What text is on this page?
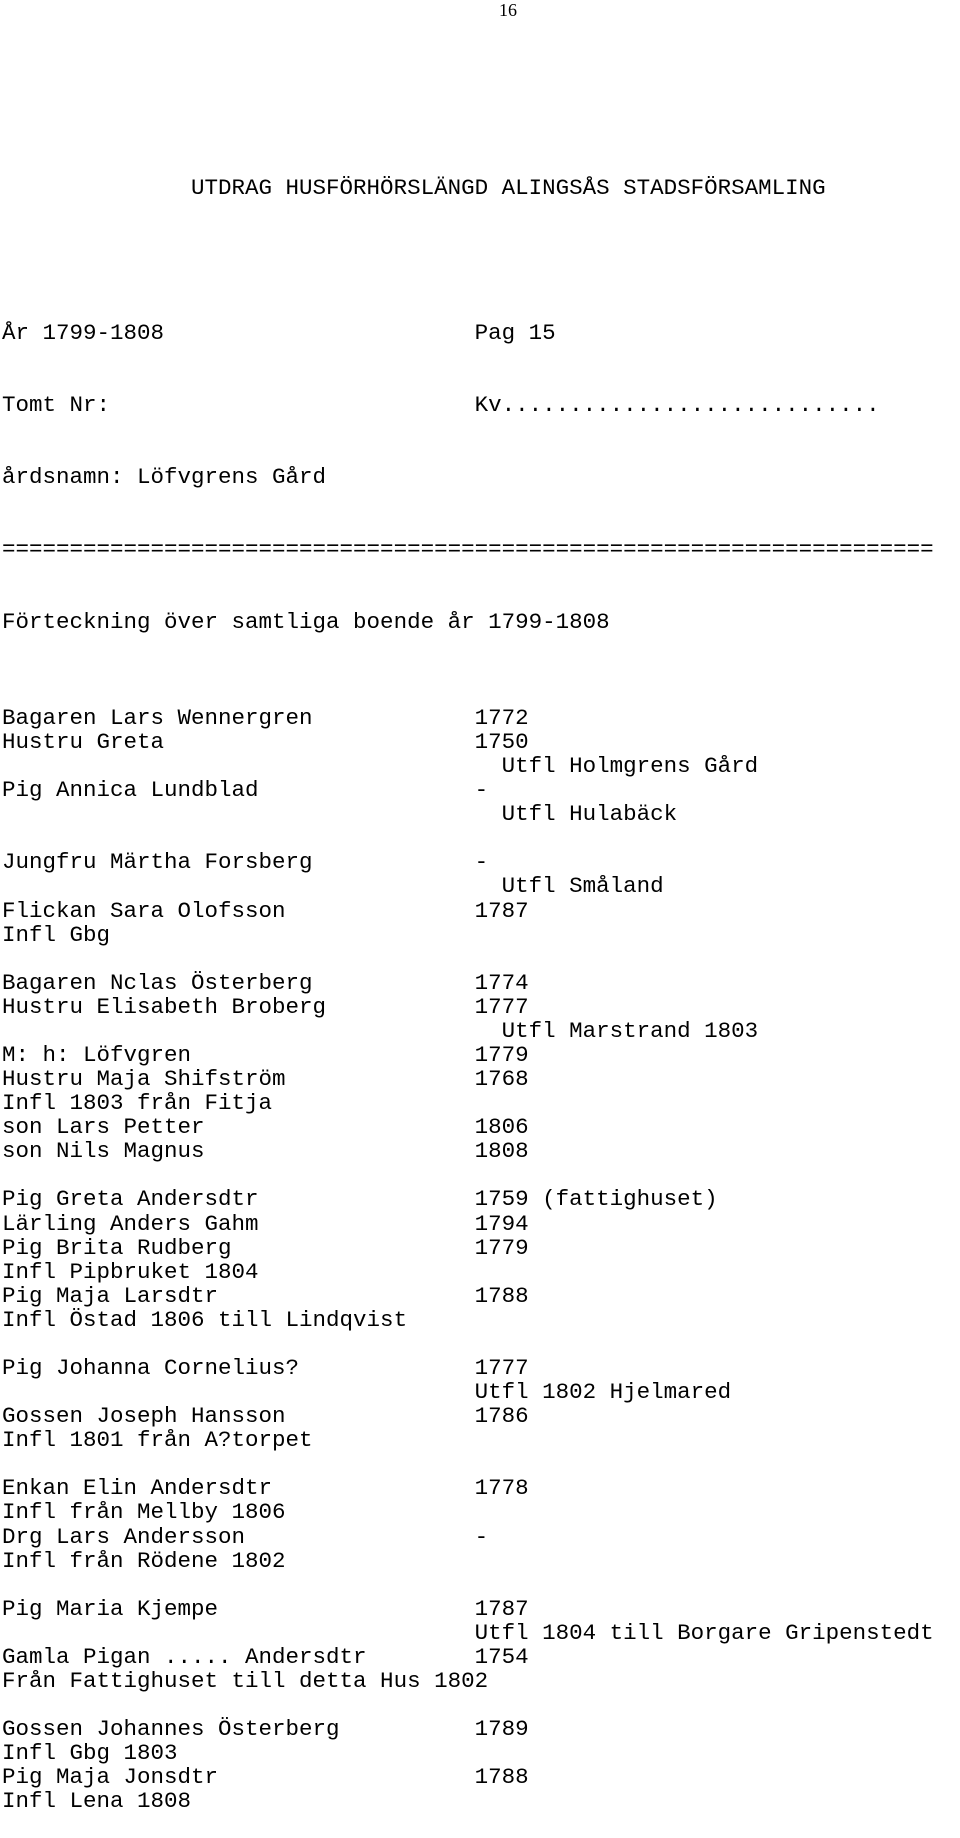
16

UTDRAG HUSFÖRHÖRSLÄNGD ALINGSÅS STADSFÖRSAMLING

År 1799-1808                       Pag 15

Tomt Nr:                           Kv............................

årdsnamn: Löfvgrens Gård

=====================================================================

Förteckning över samtliga boende år 1799-1808

Bagaren Lars Wennergren            1772
Hustru Greta                       1750
Utfl Holmgrens Gård
Pig Annica Lundblad                -
Utfl Hulabäck
Jungfru Märtha Forsberg            -
Utfl Småland
Flickan Sara Olofsson              1787
Infl Gbg
Bagaren Nclas Österberg            1774
Hustru Elisabeth Broberg           1777
Utfl Marstrand 1803
M: h: Löfvgren                     1779
Hustru Maja Shifström              1768
Infl 1803 från Fitja
son Lars Petter                    1806
son Nils Magnus                    1808
Pig Greta Andersdtr                1759 (fattighuset)
Lärling Anders Gahm                1794
Pig Brita Rudberg                  1779
Infl Pipbruket 1804
Pig Maja Larsdtr                   1788
Infl Östad 1806 till Lindqvist
Pig Johanna Cornelius?             1777
Utfl 1802 Hjelmared
Gossen Joseph Hansson              1786
Infl 1801 från A?torpet
Enkan Elin Andersdtr               1778
Infl från Mellby 1806
Drg Lars Andersson                 -
Infl från Rödene 1802
Pig Maria Kjempe                   1787
Utfl 1804 till Borgare Gripenstedt
Gamla Pigan ..... Andersdtr        1754
Från Fattighuset till detta Hus 1802
Gossen Johannes Österberg          1789
Infl Gbg 1803
Pig Maja Jonsdtr                   1788
Infl Lena 1808
